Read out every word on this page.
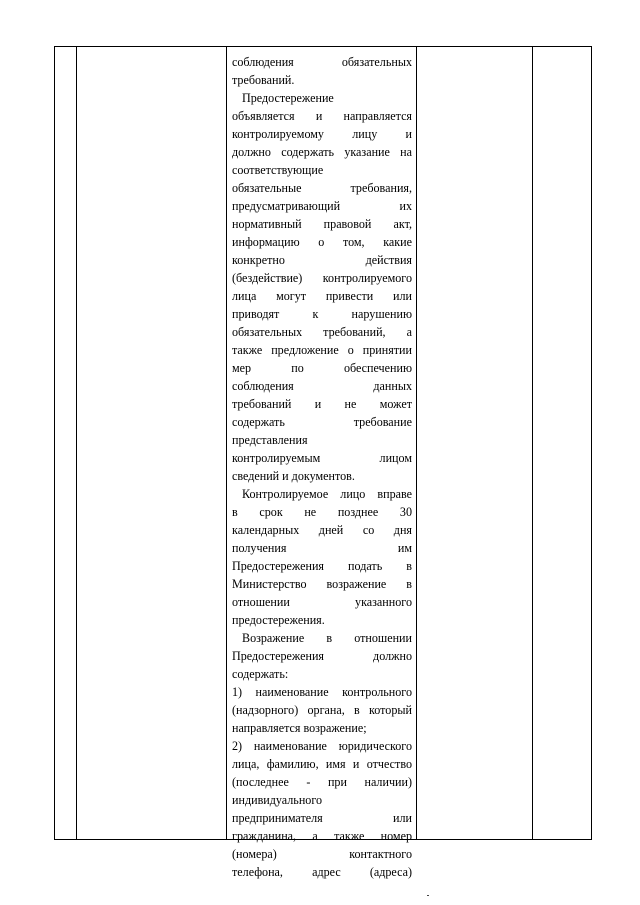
соблюдения обязательных
требований.
Предостережение
объявляется и направляется
контролируемому лицу и
должно содержать указание на
соответствующие
обязательные требования,
предусматривающий их
нормативный правовой акт,
информацию о том, какие
конкретно действия
(бездействие) контролируемого
лица могут привести или
приводят к нарушению
обязательных требований, а
также предложение о принятии
мер по обеспечению
соблюдения данных
требований и не может
содержать требование
представления
контролируемым лицом
сведений и документов.
Контролируемое лицо вправе
в срок не позднее 30
календарных дней со дня
получения им
Предостережения подать в
Министерство возражение в
отношении указанного
предостережения.
Возражение в отношении
Предостережения должно
содержать:
1) наименование контрольного
(надзорного) органа, в который
направляется возражение;
2) наименование юридического
лица, фамилию, имя и отчество
(последнее - при наличии)
индивидуального
предпринимателя или
гражданина, а также номер
(номера) контактного
телефона, адрес (адреса)
